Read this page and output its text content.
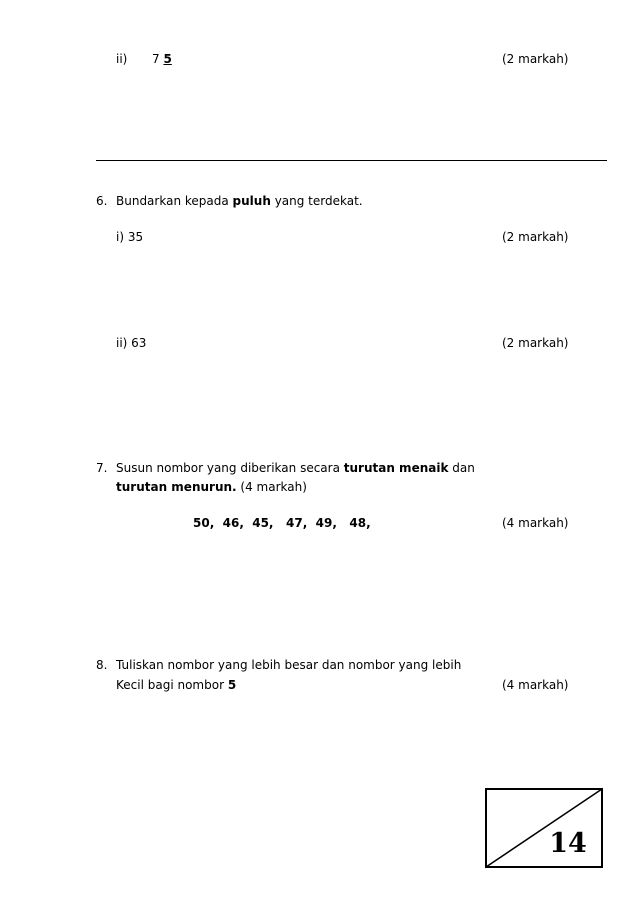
ii) 7 5	(2 markah)
6. Bundarkan kepada puluh yang terdekat.
i) 35	(2 markah)
ii) 63	(2 markah)
7. Susun nombor yang diberikan secara turutan menaik dan
turutan menurun. (4 markah)
50,  46,  45,   47,  49,   48,	(4 markah)
8. Tuliskan nombor yang lebih besar dan nombor yang lebih
Kecil bagi nombor 5	(4 markah)
14
